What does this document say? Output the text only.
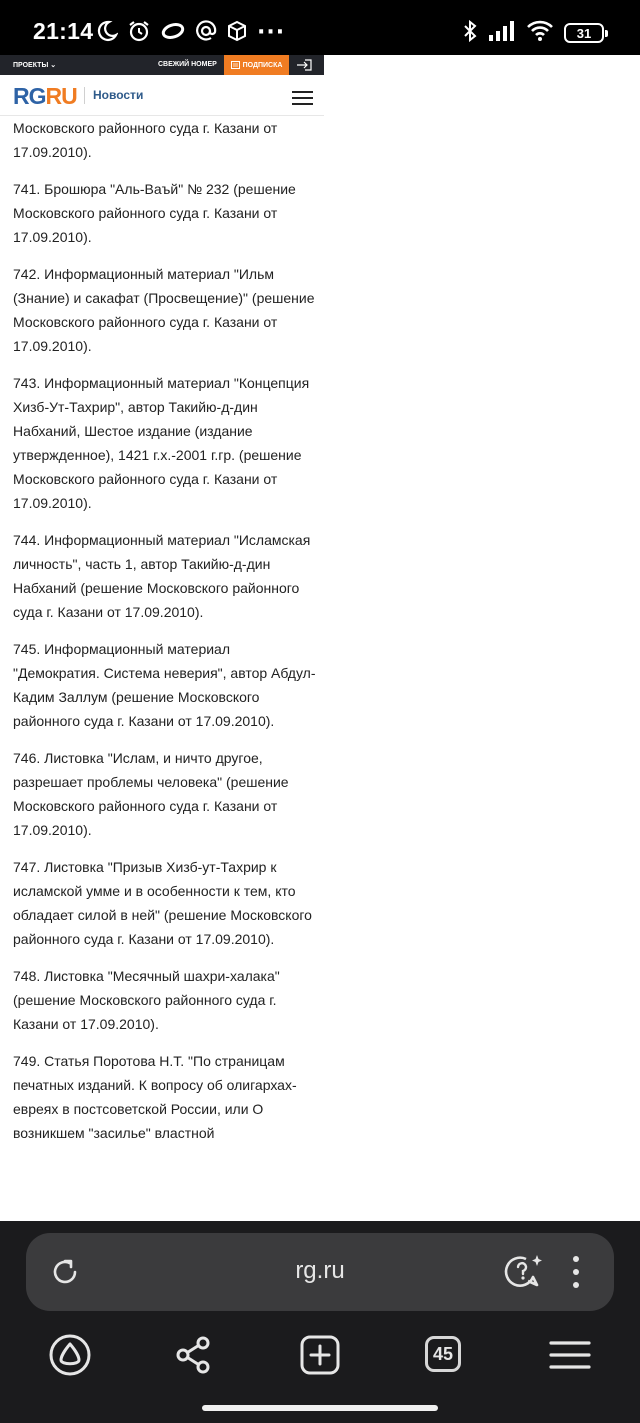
21:14	···	31
ПРОЕКТЫ ⌄	СВЕЖИЙ НОМЕР	ПОДПИСКА
RGRU Новости

Московского районного суда г. Казани от 17.09.2010).

741. Брошюра "Аль-Ваъй" № 232 (решение Московского районного суда г. Казани от 17.09.2010).

742. Информационный материал "Ильм (Знание) и сакафат (Просвещение)" (решение Московского районного суда г. Казани от 17.09.2010).

743. Информационный материал "Концепция Хизб-Ут-Тахрир", автор Такийю-д-дин Набханий, Шестое издание (издание утвержденное), 1421 г.х.-2001 г.гр. (решение Московского районного суда г. Казани от 17.09.2010).

744. Информационный материал "Исламская личность", часть 1, автор Такийю-д-дин Набханий (решение Московского районного суда г. Казани от 17.09.2010).

745. Информационный материал "Демократия. Система неверия", автор Абдул-Кадим Заллум (решение Московского районного суда г. Казани от 17.09.2010).

746. Листовка "Ислам, и ничто другое, разрешает проблемы человека" (решение Московского районного суда г. Казани от 17.09.2010).

747. Листовка "Призыв Хизб-ут-Тахрир к исламской умме и в особенности к тем, кто обладает силой в ней" (решение Московского районного суда г. Казани от 17.09.2010).

748. Листовка "Месячный шахри-халака" (решение Московского районного суда г. Казани от 17.09.2010).

749. Статья Поротова Н.Т. "По страницам печатных изданий. К вопросу об олигархах-евреях в постсоветской России, или О возникшем "засилье" властной

rg.ru
45
